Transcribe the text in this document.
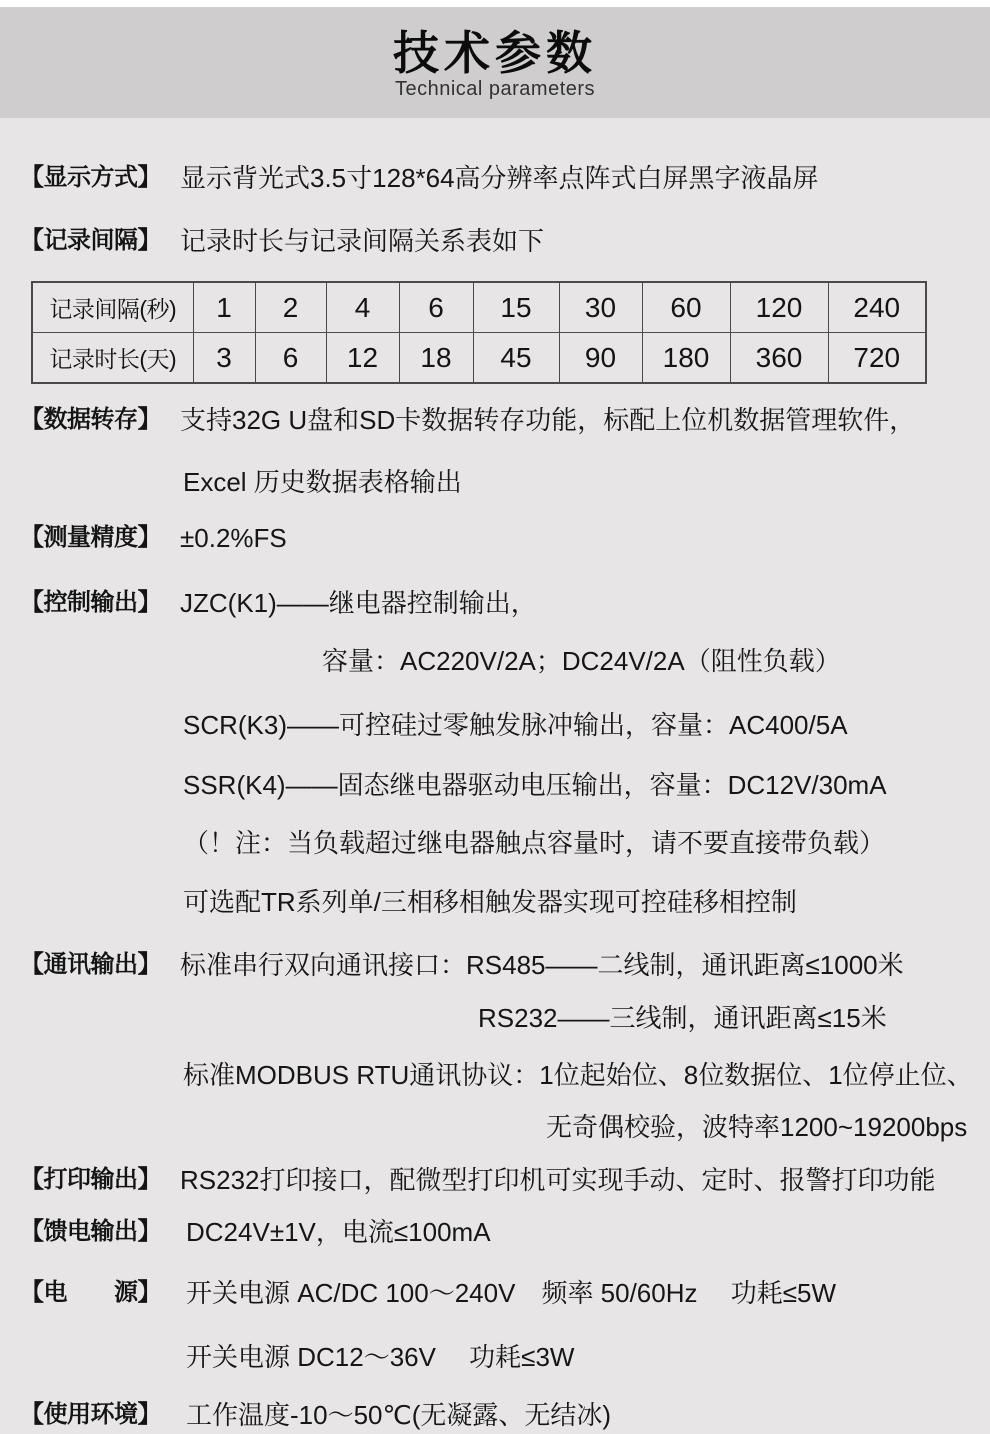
技术参数
Technical parameters

【显示方式】

显示背光式3.5寸128*64高分辨率点阵式白屏黑字液晶屏

【记录间隔】

记录时长与记录间隔关系表如下

记录间隔(秒)	1	2	4	6	15	30	60	120	240
记录时长(天)	3	6	12	18	45	90	180	360	720

【数据转存】

支持32G U盘和SD卡数据转存功能，标配上位机数据管理软件，

Excel 历史数据表格输出

【测量精度】

±0.2%FS

【控制输出】

JZC(K1)——继电器控制输出，

容量：AC220V/2A；DC24V/2A（阻性负载）

SCR(K3)——可控硅过零触发脉冲输出，容量：AC400/5A

SSR(K4)——固态继电器驱动电压输出，容量：DC12V/30mA

（！注：当负载超过继电器触点容量时，请不要直接带负载）

可选配TR系列单/三相移相触发器实现可控硅移相控制

【通讯输出】

标准串行双向通讯接口：RS485——二线制，通讯距离≤1000米

RS232——三线制，通讯距离≤15米

标准MODBUS RTU通讯协议：1位起始位、8位数据位、1位停止位、

无奇偶校验，波特率1200~19200bps

【打印输出】

RS232打印接口，配微型打印机可实现手动、定时、报警打印功能

【馈电输出】

DC24V±1V，电流≤100mA

【电　　源】

开关电源 AC/DC 100～240V　频率 50/60Hz　 功耗≤5W

开关电源 DC12～36V　 功耗≤3W

【使用环境】

工作温度-10～50℃(无凝露、无结冰)
